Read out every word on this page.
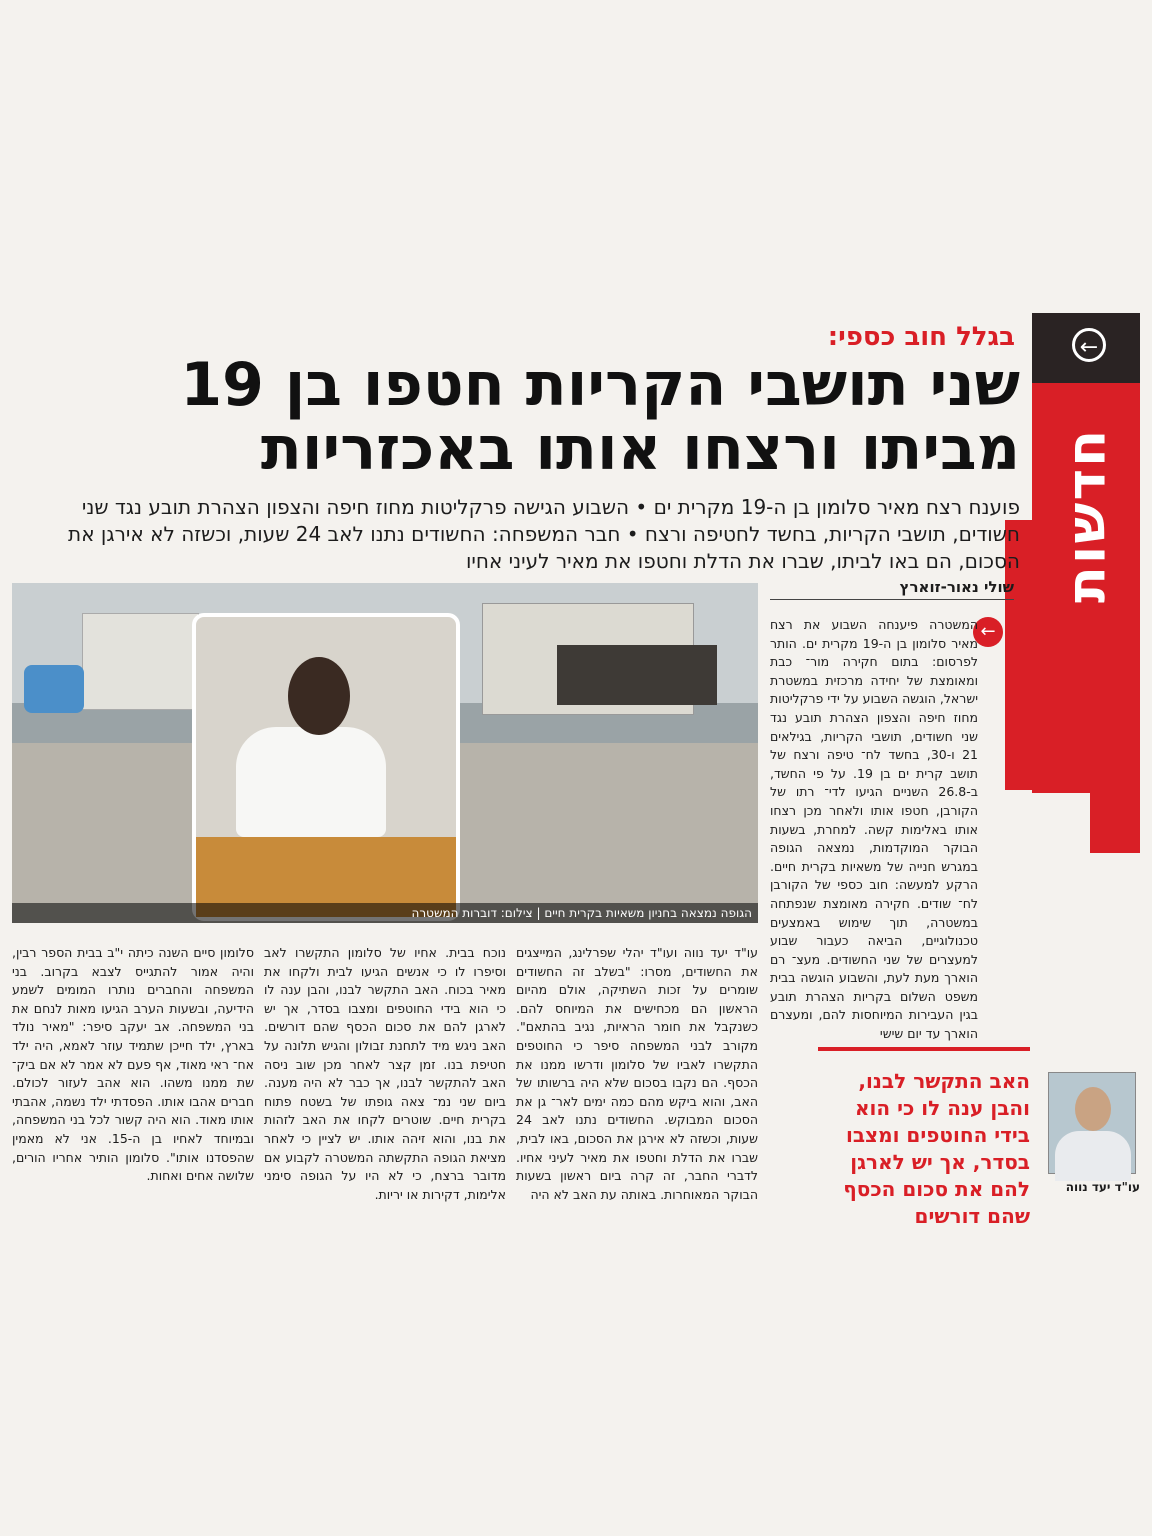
←
חדשות
בגלל חוב כספי:
שני תושבי הקריות חטפו בן 19 מביתו ורצחו אותו באכזריות
פוענח רצח מאיר סלומון בן ה-19 מקרית ים • השבוע הגישה פרקליטות מחוז חיפה והצפון הצהרת תובע נגד שני חשודים, תושבי הקריות, בחשד לחטיפה ורצח • חבר המשפחה: החשודים נתנו לאב 24 שעות, וכשזה לא אירגן את הסכום, הם באו לביתו, שברו את הדלת וחטפו את מאיר לעיני אחיו
שולי נאור-זוארץ
הגופה נמצאה בחניון משאיות בקרית חיים | צילום: דוברות המשטרה
←

המשטרה פיענחה השבוע את רצח מאיר סלומון בן ה-19 מקרית ים. הותר לפרסום: בתום חקירה מור־ כבת ומאומצת של יחידה מרכזית במשטרת ישראל, הוגשה השבוע על ידי פרקליטות מחוז חיפה והצפון הצהרת תובע נגד שני חשודים, תושבי הקריות, בגילאים 21 ו-30, בחשד לח־ טיפה ורצח של תושב קרית ים בן 19. על פי החשד, ב-26.8 השניים הגיעו לדי־ רתו של הקורבן, חטפו אותו ולאחר מכן רצחו אותו באלימות קשה. למחרת, בשעות הבוקר המוקדמות, נמצאה הגופה במגרש חנייה של משאיות בקרית חיים. הרקע למעשה: חוב כספי של הקורבן לח־ שודים. חקירה מאומצת שנפתחה במשטרה, תוך שימוש באמצעים טכנולוגיים, הביאה כעבור שבוע למעצרים של שני החשודים. מעצ־ רם הוארך מעת לעת, והשבוע הוגשה בבית משפט השלום בקריות הצהרת תובע בגין העבירות המיוחסות להם, ומעצרם הוארך עד יום שישי

עו"ד יעד נווה ועו"ד יהלי שפרלינג, המייצגים את החשודים, מסרו: "בשלב זה החשודים שומרים על זכות השתיקה, אולם מהיום הראשון הם מכחישים את המיוחס להם. כשנקבל את חומר הראיות, נגיב בהתאם". מקורב לבני המשפחה סיפר כי החוטפים התקשרו לאביו של סלומון ודרשו ממנו את הכסף. הם נקבו בסכום שלא היה ברשותו של האב, והוא ביקש מהם כמה ימים לאר־ גן את הסכום המבוקש. החשודים נתנו לאב 24 שעות, וכשזה לא אירגן את הסכום, באו לבית, שברו את הדלת וחטפו את מאיר לעיני אחיו. לדברי החבר, זה קרה ביום ראשון בשעות הבוקר המאוחרות. באותה עת האב לא היה

נוכח בבית. אחיו של סלומון התקשרו לאב וסיפרו לו כי אנשים הגיעו לבית ולקחו את מאיר בכוח. האב התקשר לבנו, והבן ענה לו כי הוא בידי החוטפים ומצבו בסדר, אך יש לארגן להם את סכום הכסף שהם דורשים. האב ניגש מיד לתחנת זבולון והגיש תלונה על חטיפת בנו. זמן קצר לאחר מכן שוב ניסה האב להתקשר לבנו, אך כבר לא היה מענה. ביום שני נמ־ צאה גופתו של בשטח פתוח בקרית חיים. שוטרים לקחו את האב לזהות את בנו, והוא זיהה אותו. יש לציין כי לאחר מציאת הגופה התקשתה המשטרה לקבוע אם מדובר ברצח, כי לא היו על הגופה סימני אלימות, דקירות או יריות.

סלומון סיים השנה כיתה י"ב בבית הספר רבין, והיה אמור להתגייס לצבא בקרוב. בני המשפחה והחברים נותרו המומים לשמע הידיעה, ובשעות הערב הגיעו מאות לנחם את בני המשפחה. אב יעקב סיפר: "מאיר נולד בארץ, ילד חייכן שתמיד עוזר לאמא, היה ילד אח־ ראי מאוד, אף פעם לא אמר לא אם ביק־ שת ממנו משהו. הוא אהב לעזור לכולם. חברים אהבו אותו. הפסדתי ילד נשמה, אהבתי אותו מאוד. הוא היה קשור לכל בני המשפחה, ובמיוחד לאחיו בן ה-15. אני לא מאמין שהפסדנו אותו". סלומון הותיר אחריו הורים, שלושה אחים ואחות.

האב התקשר לבנו, והבן ענה לו כי הוא בידי החוטפים ומצבו בסדר, אך יש לארגן להם את סכום הכסף שהם דורשים
עו"ד יעד נווה
